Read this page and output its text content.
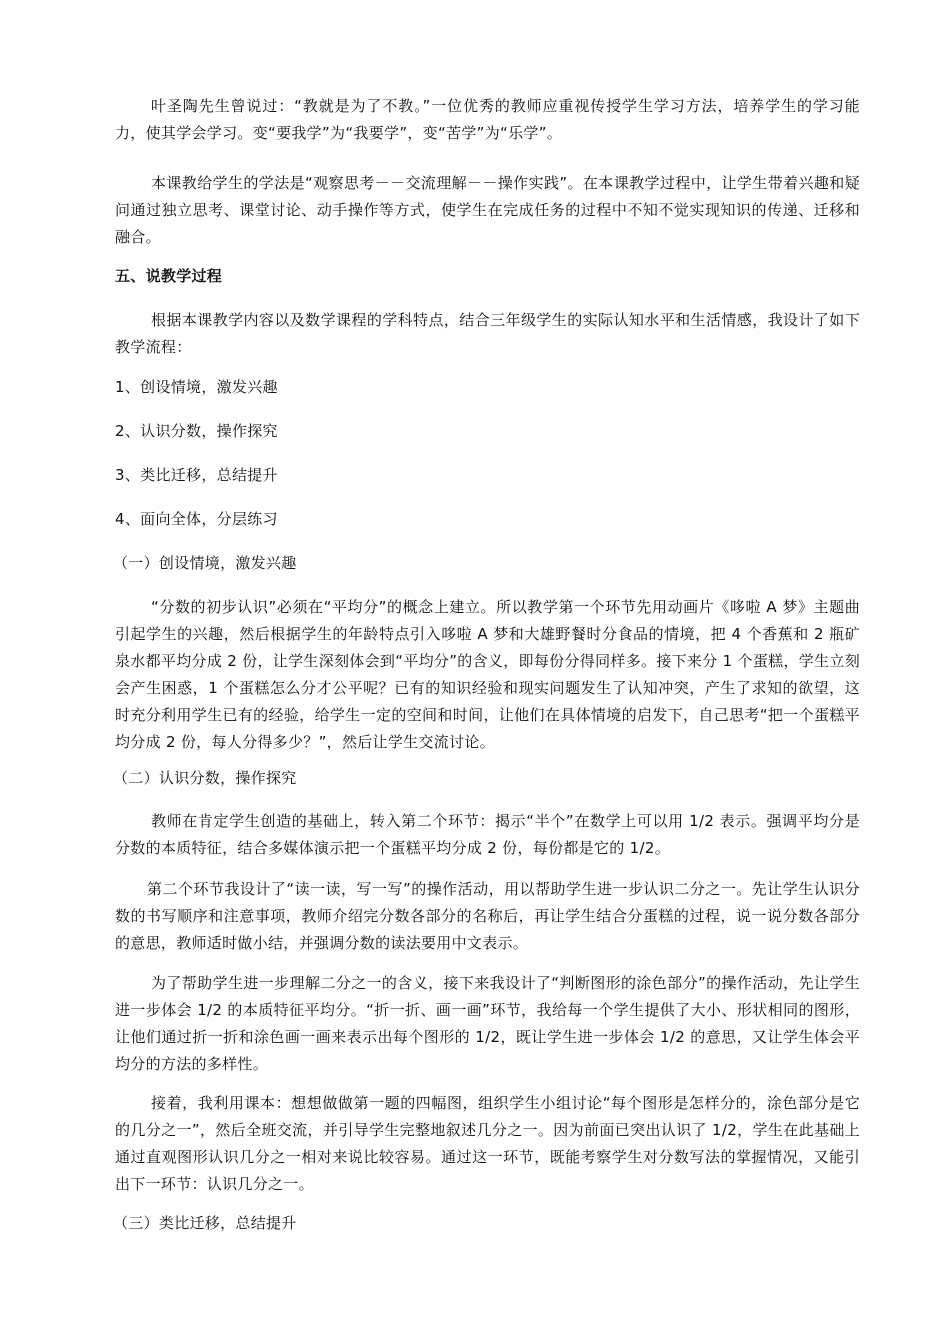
叶圣陶先生曾说过：“教就是为了不教。”一位优秀的教师应重视传授学生学习方法，培养学生的学习能力，使其学会学习。变“要我学”为“我要学”，变“苦学”为“乐学”。

本课教给学生的学法是“观察思考－－交流理解－－操作实践”。在本课教学过程中，让学生带着兴趣和疑问通过独立思考、课堂讨论、动手操作等方式，使学生在完成任务的过程中不知不觉实现知识的传递、迁移和融合。

五、说教学过程

根据本课教学内容以及数学课程的学科特点，结合三年级学生的实际认知水平和生活情感，我设计了如下教学流程：

1、创设情境，激发兴趣

2、认识分数，操作探究

3、类比迁移，总结提升

4、面向全体，分层练习

（一）创设情境，激发兴趣

“分数的初步认识”必须在“平均分”的概念上建立。所以教学第一个环节先用动画片《哆啦 A 梦》主题曲引起学生的兴趣，然后根据学生的年龄特点引入哆啦 A 梦和大雄野餐时分食品的情境，把 4 个香蕉和 2 瓶矿泉水都平均分成 2 份，让学生深刻体会到“平均分”的含义，即每份分得同样多。接下来分 1 个蛋糕，学生立刻会产生困惑，1 个蛋糕怎么分才公平呢？已有的知识经验和现实问题发生了认知冲突，产生了求知的欲望，这时充分利用学生已有的经验，给学生一定的空间和时间，让他们在具体情境的启发下，自己思考“把一个蛋糕平均分成 2 份，每人分得多少？”，然后让学生交流讨论。

（二）认识分数，操作探究

教师在肯定学生创造的基础上，转入第二个环节：揭示“半个”在数学上可以用 1/2 表示。强调平均分是分数的本质特征，结合多媒体演示把一个蛋糕平均分成 2 份，每份都是它的 1/2。

第二个环节我设计了“读一读，写一写”的操作活动，用以帮助学生进一步认识二分之一。先让学生认识分数的书写顺序和注意事项，教师介绍完分数各部分的名称后，再让学生结合分蛋糕的过程，说一说分数各部分的意思，教师适时做小结，并强调分数的读法要用中文表示。

为了帮助学生进一步理解二分之一的含义，接下来我设计了“判断图形的涂色部分”的操作活动，先让学生进一步体会 1/2 的本质特征平均分。“折一折、画一画”环节，我给每一个学生提供了大小、形状相同的图形，让他们通过折一折和涂色画一画来表示出每个图形的 1/2，既让学生进一步体会 1/2 的意思，又让学生体会平均分的方法的多样性。

接着，我利用课本：想想做做第一题的四幅图，组织学生小组讨论“每个图形是怎样分的，涂色部分是它的几分之一”，然后全班交流，并引导学生完整地叙述几分之一。因为前面已突出认识了 1/2，学生在此基础上通过直观图形认识几分之一相对来说比较容易。通过这一环节，既能考察学生对分数写法的掌握情况，又能引出下一环节：认识几分之一。

（三）类比迁移，总结提升
